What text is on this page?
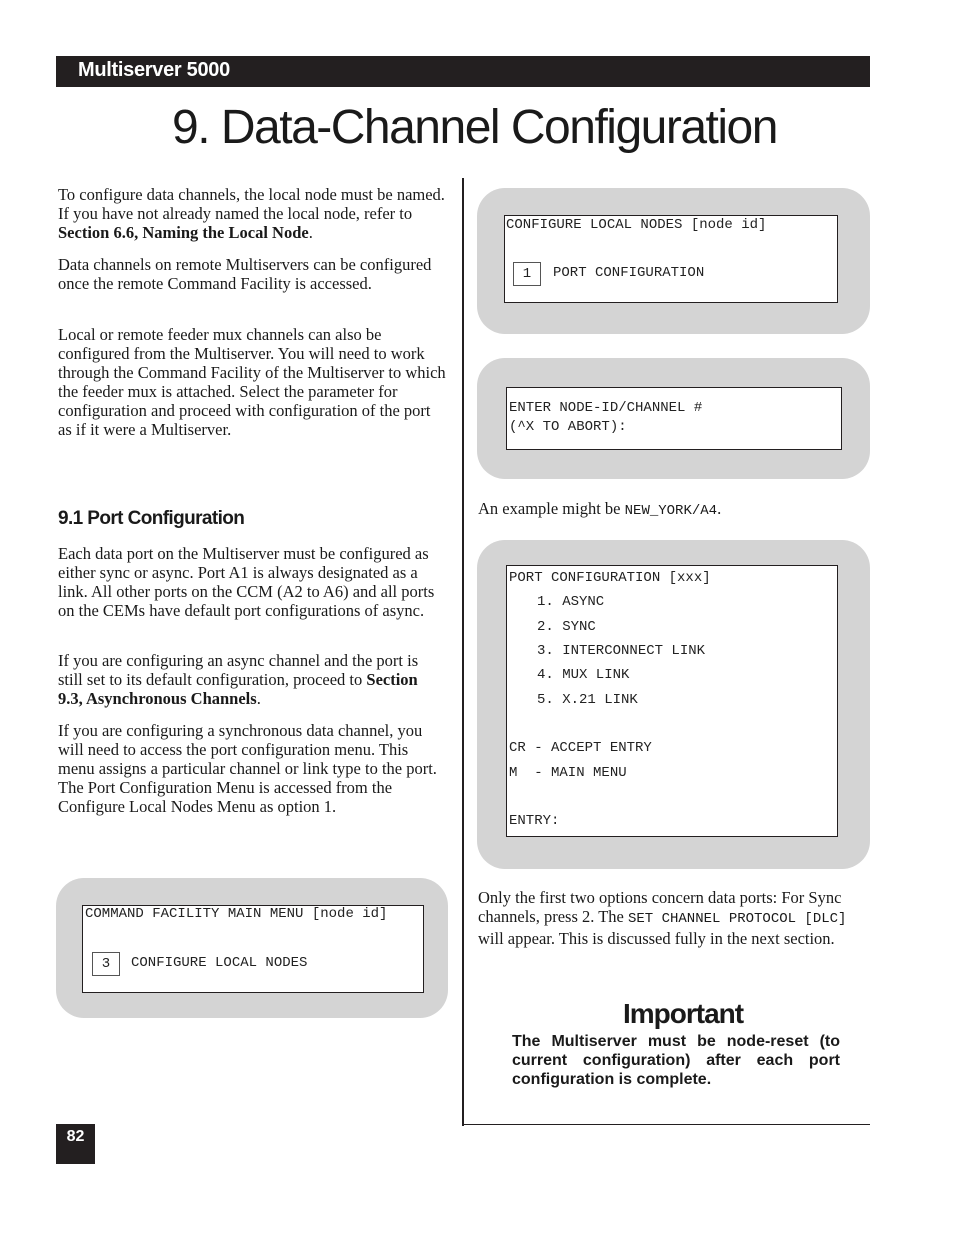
Multiserver 5000
9. Data-Channel Configuration

To configure data channels, the local node must be named. If you have not already named the local node, refer to Section 6.6, Naming the Local Node.

Data channels on remote Multiservers can be configured once the remote Command Facility is accessed.

Local or remote feeder mux channels can also be configured from the Multiserver. You will need to work through the Command Facility of the Multiserver to which the feeder mux is attached. Select the parameter for configuration and proceed with configuration of the port as if it were a Multiserver.

9.1 Port Configuration

Each data port on the Multiserver must be configured as either sync or async. Port A1 is always designated as a link. All other ports on the CCM (A2 to A6) and all ports on the CEMs have default port configurations of async.

If you are configuring an async channel and the port is still set to its default configuration, proceed to Section 9.3, Asynchronous Channels.

If you are configuring a synchronous data channel, you will need to access the port configuration menu. This menu assigns a particular channel or link type to the port. The Port Configuration Menu is accessed from the Configure Local Nodes Menu as option 1.

COMMAND FACILITY MAIN MENU [node id]
3	CONFIGURE LOCAL NODES
CONFIGURE LOCAL NODES [node id]
1	PORT CONFIGURATION
ENTER NODE-ID/CHANNEL #
(^X TO ABORT):

An example might be NEW_YORK/A4.

PORT CONFIGURATION [xxx]
1. ASYNC
2. SYNC
3. INTERCONNECT LINK
4. MUX LINK
5. X.21 LINK
CR - ACCEPT ENTRY
M  - MAIN MENU
ENTRY:

Only the first two options concern data ports: For Sync channels, press 2. The SET CHANNEL PROTOCOL [DLC] will appear. This is discussed fully in the next section.

Important

The Multiserver must be node-reset (to current configuration) after each port configuration is complete.

82
